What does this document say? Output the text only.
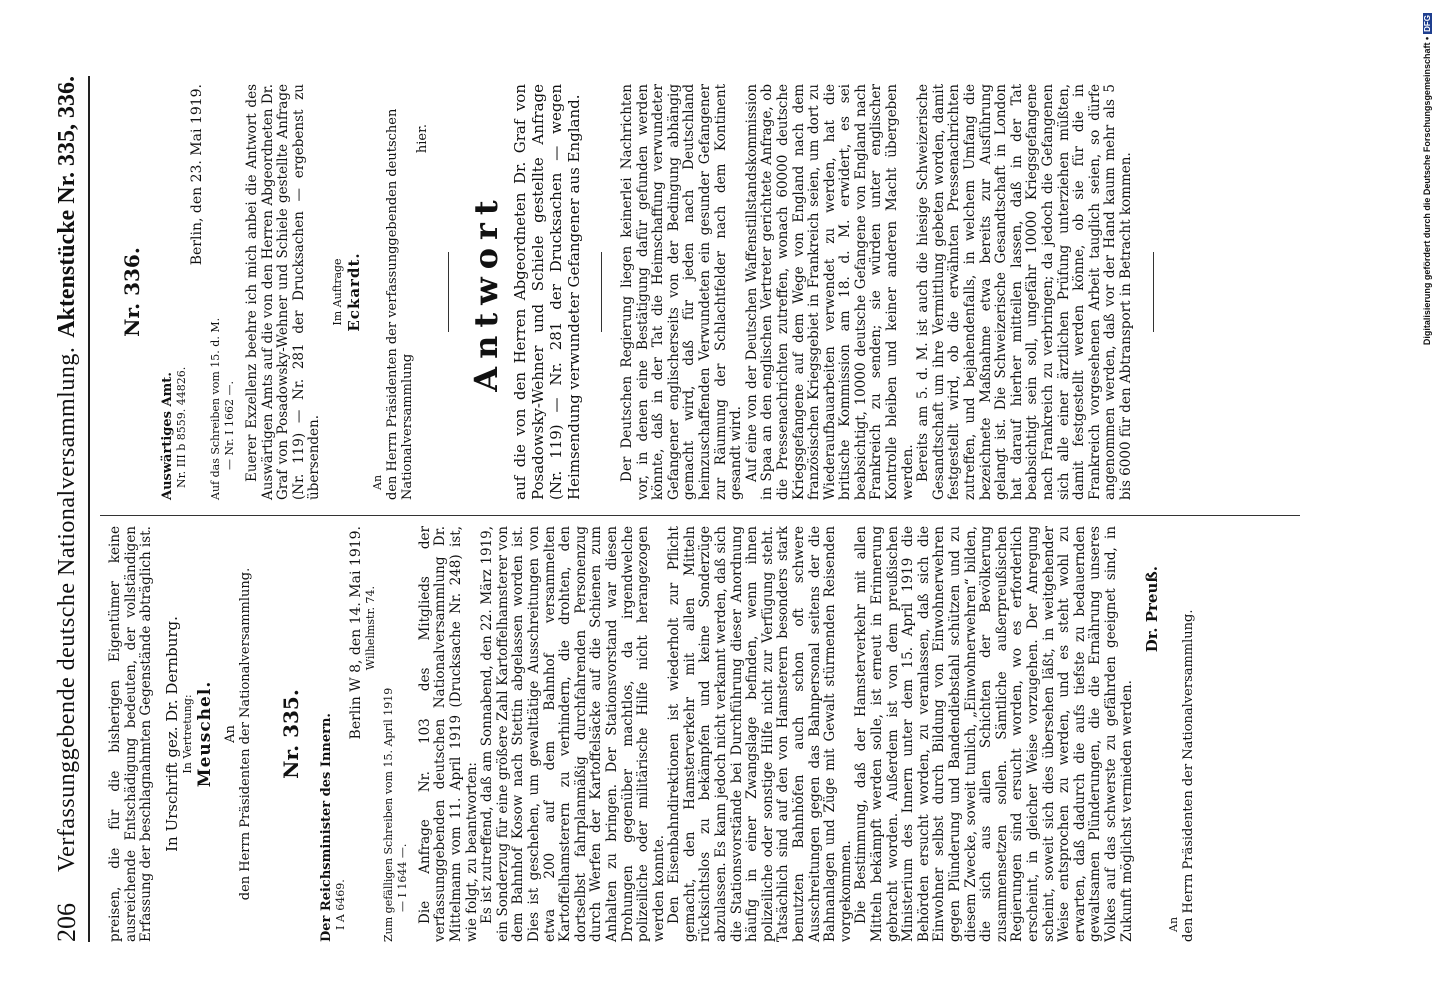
206
Verfassunggebende deutsche Nationalversammlung.
Aktenstücke Nr. 335, 336.

preisen, die für die bisherigen Eigentümer keine ausreichende Entschädigung bedeuten, der vollständigen Erfassung der beschlagnahmten Gegenstände abträglich ist. In Urschrift gez. Dr. Dernburg. In Vertretung: Meuschel. An den Herrn Präsidenten der Nationalversammlung. Nr. 335. Der Reichsminister des Innern. I A 6469.

Berlin W 8, den 14. Mai 1919. Wilhelmstr. 74.

Zum gefälligen Schreiben vom 15. April 1919 — I 1644 —. Die Anfrage Nr. 103 des Mitglieds der verfassunggebenden deutschen Nationalversammlung Dr. Mittelmann vom 11. April 1919 (Drucksache Nr. 248) ist, wie folgt, zu beantworten: Es ist zutreffend, daß am Sonnabend, den 22. März 1919, ein Sonderzug für eine größere Zahl Kartoffelhamsterer von dem Bahnhof Kosow nach Stettin abgelassen worden ist. Dies ist geschehen, um gewalttätige Ausschreitungen von etwa 200 auf dem Bahnhof versammelten Kartoffelhamsterern zu verhindern, die drohten, den dortselbst fahrplanmäßig durchfahrenden Personenzug durch Werfen der Kartoffelsäcke auf die Schienen zum Anhalten zu bringen. Der Stationsvorstand war diesen Drohungen gegenüber machtlos, da irgendwelche polizeiliche oder militärische Hilfe nicht herangezogen werden konnte. Den Eisenbahndirektionen ist wiederholt zur Pflicht gemacht, den Hamsterverkehr mit allen Mitteln rücksichtslos zu bekämpfen und keine Sonderzüge abzulassen. Es kann jedoch nicht verkannt werden, daß sich die Stationsvorstände bei Durchführung dieser Anordnung häufig in einer Zwangslage befinden, wenn ihnen polizeiliche oder sonstige Hilfe nicht zur Verfügung steht. Tatsächlich sind auf den von Hamsterern besonders stark benutzten Bahnhöfen auch schon oft schwere Ausschreitungen gegen das Bahnpersonal seitens der die Bahnanlagen und Züge mit Gewalt stürmenden Reisenden vorgekommen. Die Bestimmung, daß der Hamsterverkehr mit allen Mitteln bekämpft werden solle, ist erneut in Erinnerung gebracht worden. Außerdem ist von dem preußischen Ministerium des Innern unter dem 15. April 1919 die Behörden ersucht worden, zu veranlassen, daß sich die Einwohner selbst durch Bildung von Einwohnerwehren gegen Plünderung und Bandendiebstahl schützen und zu diesem Zwecke, soweit tunlich, „Einwohnerwehren“ bilden, die sich aus allen Schichten der Bevölkerung zusammensetzen sollen. Sämtliche außerpreußischen Regierungen sind ersucht worden, wo es erforderlich erscheint, in gleicher Weise vorzugehen. Der Anregung scheint, soweit sich dies übersehen läßt, in weitgehender Weise entsprochen zu werden, und es steht wohl zu erwarten, daß dadurch die aufs tiefste zu bedauernden gewaltsamen Plünderungen, die die Ernährung unseres Volkes auf das schwerste zu gefährden geeignet sind, in Zukunft möglichst vermieden werden.

Dr. Preuß.

An den Herrn Präsidenten der Nationalversammlung.

Nr. 336.

Auswärtiges Amt. Nr. III b 8559. 44826.

Berlin, den 23. Mai 1919.

Auf das Schreiben vom 15. d. M. — Nr. I 1662 —. Euerer Exzellenz beehre ich mich anbei die Antwort des Auswärtigen Amts auf die von den Herren Abgeordneten Dr. Graf von Posadowsky-Wehner und Schiele gestellte Anfrage (Nr. 119) — Nr. 281 der Drucksachen — ergebenst zu übersenden.

Im Auftrage Eckardt.

An den Herrn Präsidenten der verfassunggebenden deutschen Nationalversammlung

hier.

Antwort auf die von den Herren Abgeordneten Dr. Graf von Posadowsky-Wehner und Schiele gestellte Anfrage (Nr. 119) — Nr. 281 der Drucksachen — wegen Heimsendung verwundeter Gefangener aus England.	Der Deutschen Regierung liegen keinerlei Nachrichten vor, in denen eine Bestätigung dafür gefunden werden könnte, daß in der Tat die Heimschaffung verwundeter Gefangener englischerseits von der Bedingung abhängig gemacht wird, daß für jeden nach Deutschland heimzuschaffenden Verwundeten ein gesunder Gefangener zur Räumung der Schlachtfelder nach dem Kontinent gesandt wird. Auf eine von der Deutschen Waffenstillstandskommission in Spaa an den englischen Vertreter gerichtete Anfrage, ob die Pressenachrichten zutreffen, wonach 60000 deutsche Kriegsgefangene auf dem Wege von England nach dem französischen Kriegsgebiet in Frankreich seien, um dort zu Wiederaufbauarbeiten verwendet zu werden, hat die britische Kommission am 18. d. M. erwidert, es sei beabsichtigt, 10000 deutsche Gefangene von England nach Frankreich zu senden; sie würden unter englischer Kontrolle bleiben und keiner anderen Macht übergeben werden. Bereits am 5. d. M. ist auch die hiesige Schweizerische Gesandtschaft um ihre Vermittlung gebeten worden, damit festgestellt wird, ob die erwähnten Pressenachrichten zutreffen, und bejahendenfalls, in welchem Umfang die bezeichnete Maßnahme etwa bereits zur Ausführung gelangt ist. Die Schweizerische Gesandtschaft in London hat darauf hierher mitteilen lassen, daß in der Tat beabsichtigt sein soll, ungefähr 10000 Kriegsgefangene nach Frankreich zu verbringen; da jedoch die Gefangenen sich alle einer ärztlichen Prüfung unterziehen müßten, damit festgestellt werden könne, ob sie für die in Frankreich vorgesehenen Arbeit tauglich seien, so dürfe angenommen werden, daß vor der Hand kaum mehr als 5 bis 6000 für den Abtransport in Betracht kommen.	Digitalisierung gefördert durch die Deutsche Forschungsgemeinschaft •DFG
